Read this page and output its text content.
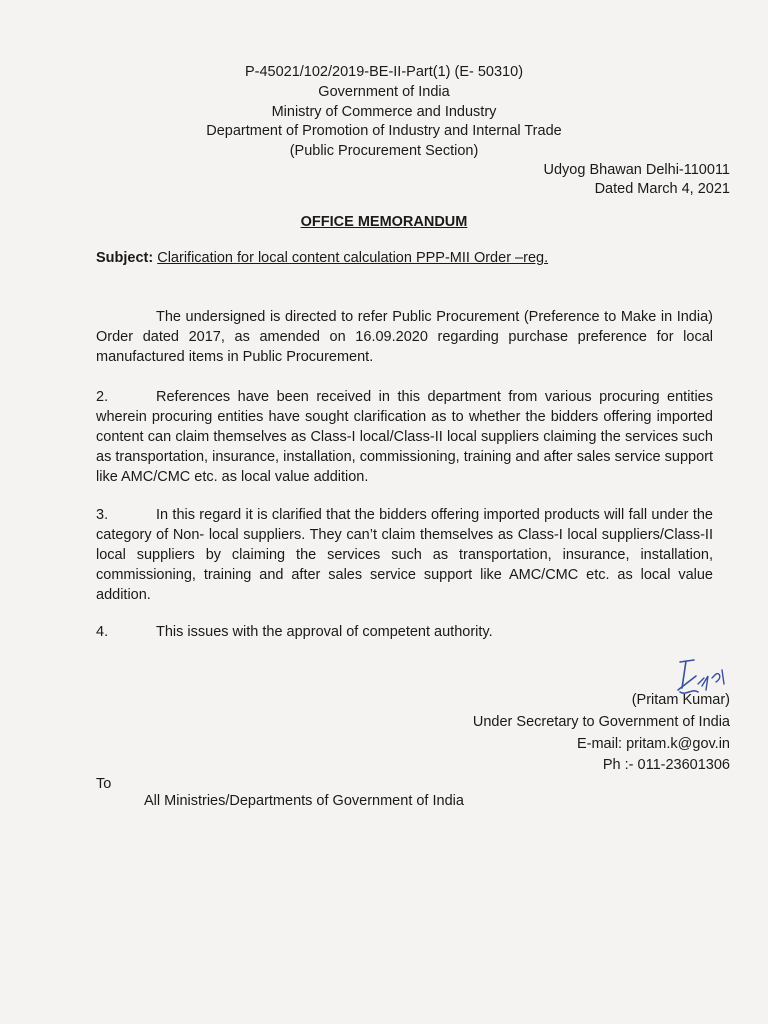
P-45021/102/2019-BE-II-Part(1) (E- 50310)
Government of India
Ministry of Commerce and Industry
Department of Promotion of Industry and Internal Trade
(Public Procurement Section)
Udyog Bhawan Delhi-110011
Dated March 4, 2021
OFFICE MEMORANDUM
Subject: Clarification for local content calculation PPP-MII Order –reg.
The undersigned is directed to refer Public Procurement (Preference to Make in India) Order dated 2017, as amended on 16.09.2020 regarding purchase preference for local manufactured items in Public Procurement.
2.	References have been received in this department from various procuring entities wherein procuring entities have sought clarification as to whether the bidders offering imported content can claim themselves as Class-I local/Class-II local suppliers claiming the services such as transportation, insurance, installation, commissioning, training and after sales service support like AMC/CMC etc. as local value addition.
3.	In this regard it is clarified that the bidders offering imported products will fall under the category of Non- local suppliers. They can’t claim themselves as Class-I local suppliers/Class-II local suppliers by claiming the services such as transportation, insurance, installation, commissioning, training and after sales service support like AMC/CMC etc. as local value addition.
4.	This issues with the approval of competent authority.
(Pritam Kumar)
Under Secretary to Government of India
E-mail: pritam.k@gov.in
Ph :- 011-23601306
To
All Ministries/Departments of Government of India
